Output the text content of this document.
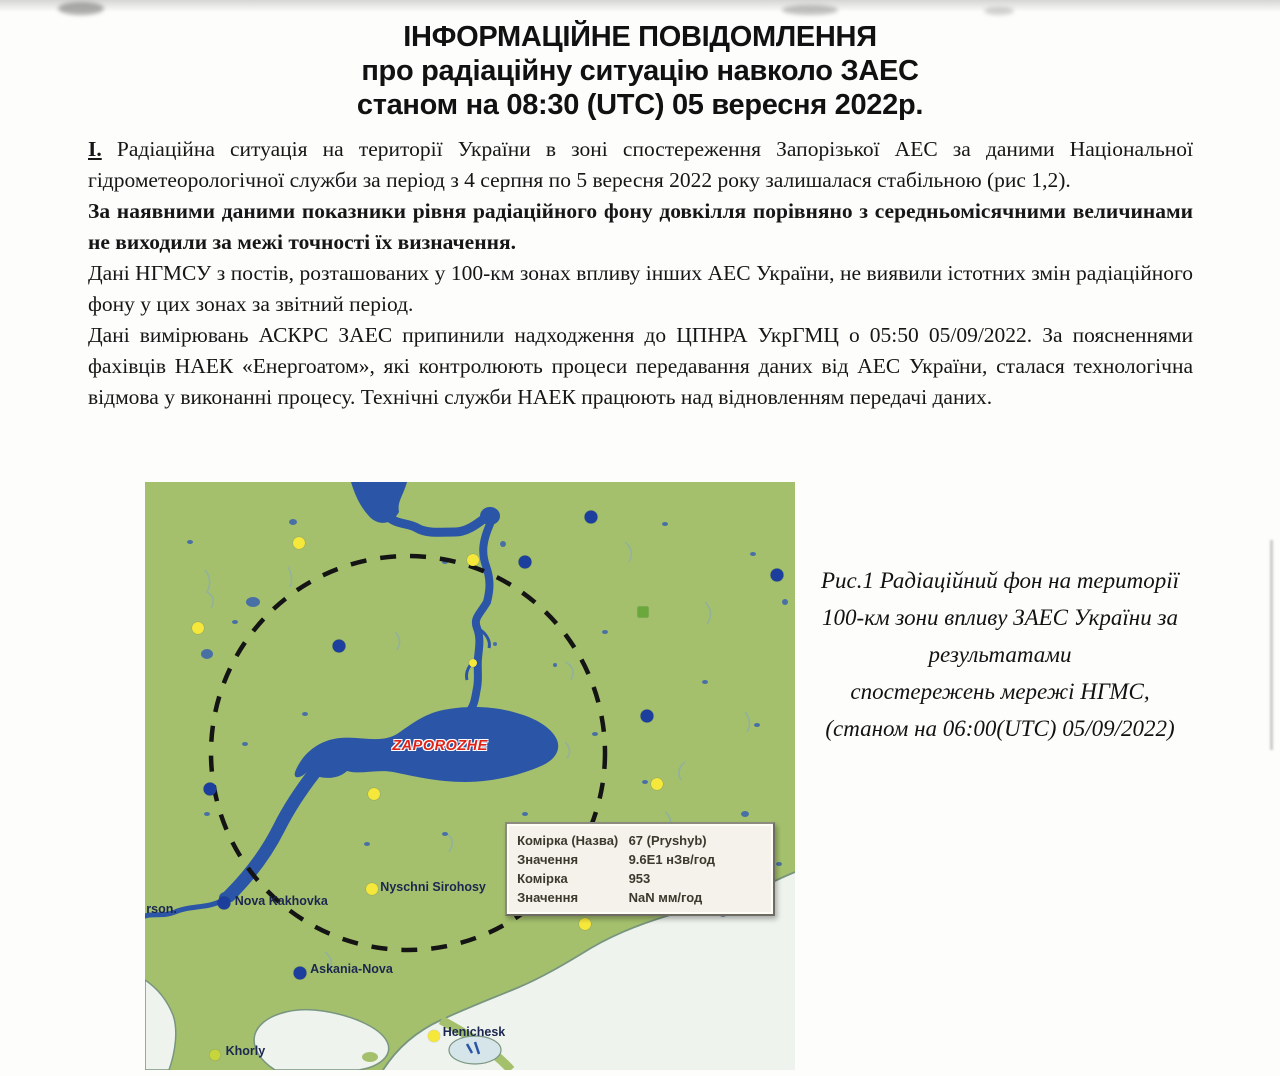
ІНФОРМАЦІЙНЕ ПОВІДОМЛЕННЯ
про радіаційну ситуацію навколо ЗАЕС
станом на 08:30 (UTC) 05 вересня 2022р.

І. Радіаційна ситуація на території України в зоні спостереження Запорізької АЕС за даними Національної гідрометеорологічної служби за період з 4 серпня по 5 вересня 2022 року залишалася стабільною (рис 1,2).

За наявними даними показники рівня радіаційного фону довкілля порівняно з середньомісячними величинами не виходили за межі точності їх визначення.

Дані НГМСУ з постів, розташованих у 100-км зонах впливу інших АЕС України, не виявили істотних змін радіаційного фону у цих зонах за звітний період.

Дані вимірювань АСКРС ЗАЕС припинили надходження до ЦПНРА УкрГМЦ о 05:50 05/09/2022. За поясненнями фахівців НАЕК «Енергоатом», які контролюють процеси передавання даних від АЕС України, сталася технологічна відмова у виконанні процесу. Технічні служби НАЕК працюють над відновленням передачі даних.

Рис.1 Радіаційний фон на території
100-км зони впливу ЗАЕС України за
результатами
спостережень мережі НГМС,
(станом на 06:00(UTC) 05/09/2022)
rson.
Nova Kakhovka
Nyschni Sirohosy
Askania-Nova
Henichesk
Khorly
ZAPOROZHE
Комірка (Назва) 67 (Pryshyb)
Значення	9.6E1 нЗв/год
Комірка	953
Значення	NaN мм/год
